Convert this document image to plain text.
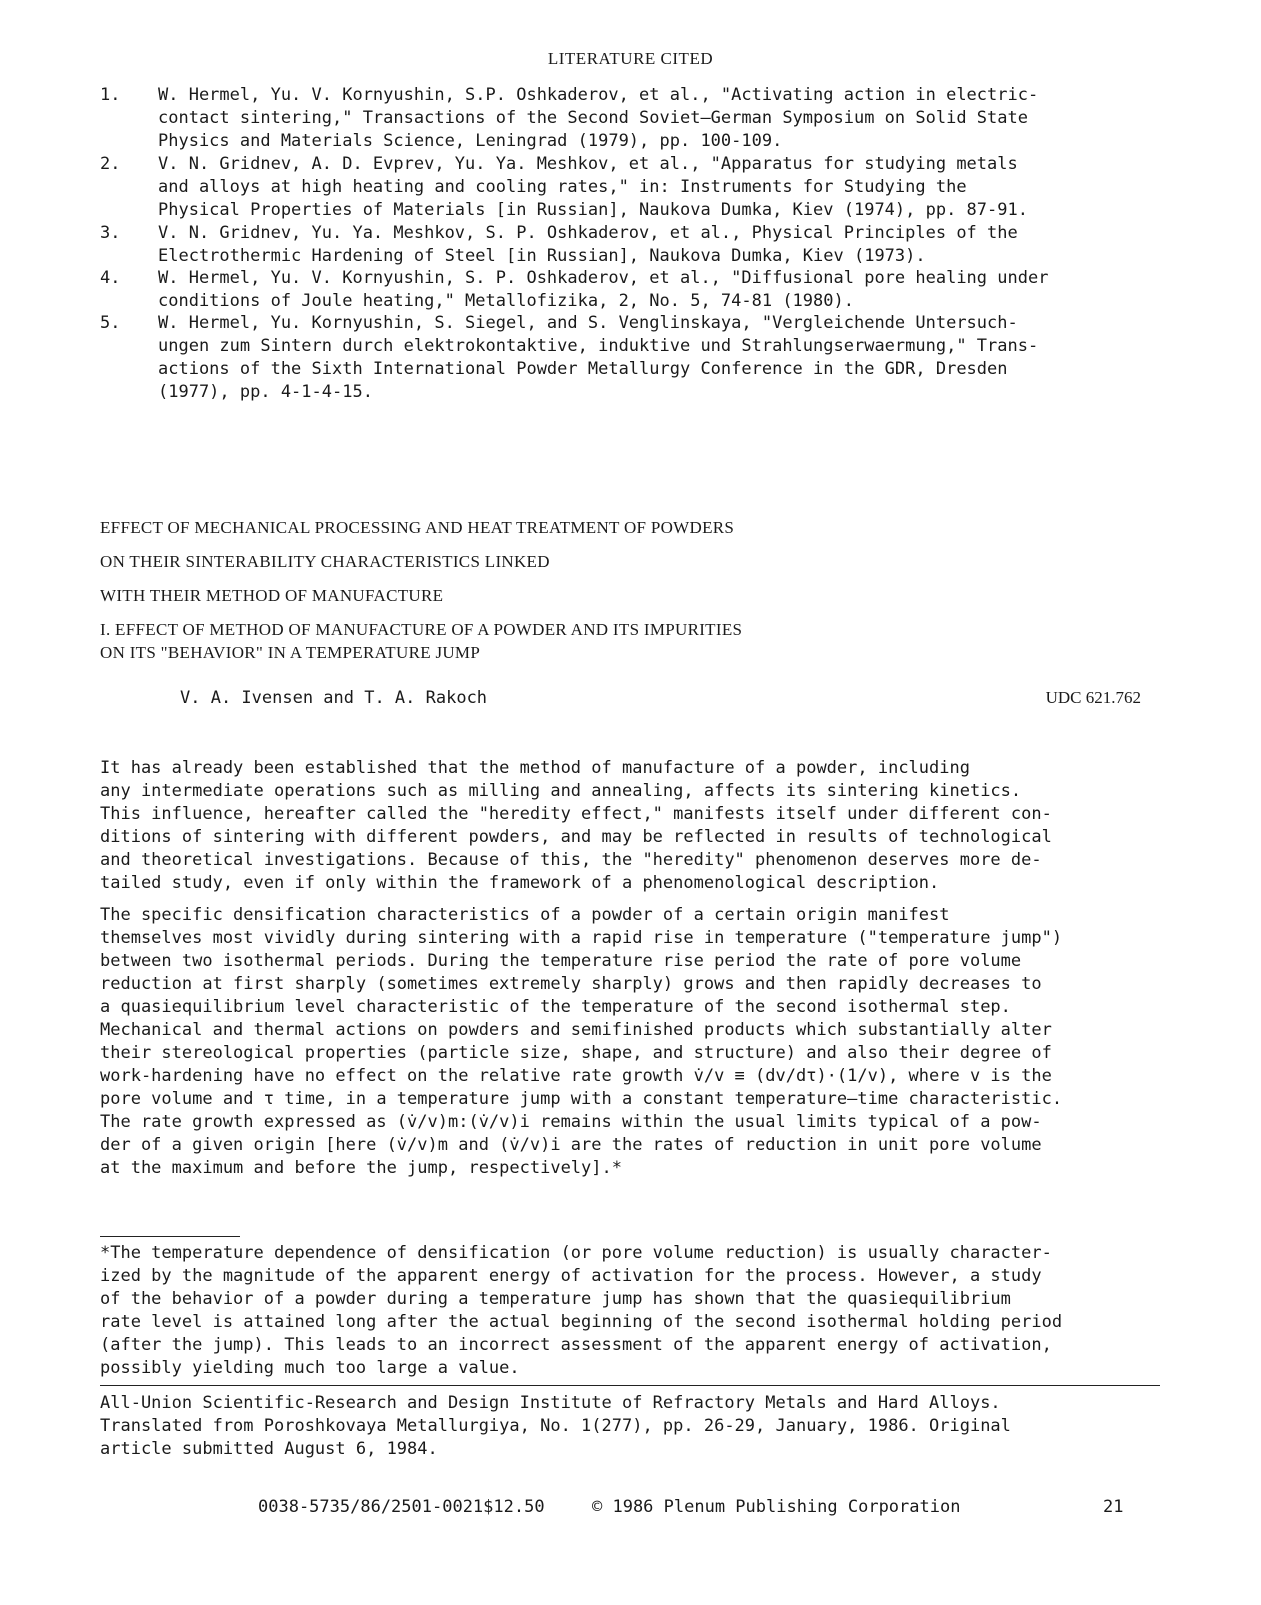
LITERATURE CITED
1.	W. Hermel, Yu. V. Kornyushin, S.P. Oshkaderov, et al., "Activating action in electric-
contact sintering," Transactions of the Second Soviet—German Symposium on Solid State
Physics and Materials Science, Leningrad (1979), pp. 100-109.
2.	V. N. Gridnev, A. D. Evprev, Yu. Ya. Meshkov, et al., "Apparatus for studying metals
and alloys at high heating and cooling rates," in: Instruments for Studying the
Physical Properties of Materials [in Russian], Naukova Dumka, Kiev (1974), pp. 87-91.
3.	V. N. Gridnev, Yu. Ya. Meshkov, S. P. Oshkaderov, et al., Physical Principles of the
Electrothermic Hardening of Steel [in Russian], Naukova Dumka, Kiev (1973).
4.	W. Hermel, Yu. V. Kornyushin, S. P. Oshkaderov, et al., "Diffusional pore healing under
conditions of Joule heating," Metallofizika, 2, No. 5, 74-81 (1980).
5.	W. Hermel, Yu. Kornyushin, S. Siegel, and S. Venglinskaya, "Vergleichende Untersuch-
ungen zum Sintern durch elektrokontaktive, induktive und Strahlungserwaermung," Trans-
actions of the Sixth International Powder Metallurgy Conference in the GDR, Dresden
(1977), pp. 4-1-4-15.
EFFECT OF MECHANICAL PROCESSING AND HEAT TREATMENT OF POWDERS
ON THEIR SINTERABILITY CHARACTERISTICS LINKED
WITH THEIR METHOD OF MANUFACTURE
I. EFFECT OF METHOD OF MANUFACTURE OF A POWDER AND ITS IMPURITIES
ON ITS "BEHAVIOR" IN A TEMPERATURE JUMP
V. A. Ivensen and T. A. Rakoch	UDC 621.762
It has already been established that the method of manufacture of a powder, including
any intermediate operations such as milling and annealing, affects its sintering kinetics.
This influence, hereafter called the "heredity effect," manifests itself under different con-
ditions of sintering with different powders, and may be reflected in results of technological
and theoretical investigations. Because of this, the "heredity" phenomenon deserves more de-
tailed study, even if only within the framework of a phenomenological description.
The specific densification characteristics of a powder of a certain origin manifest
themselves most vividly during sintering with a rapid rise in temperature ("temperature jump")
between two isothermal periods. During the temperature rise period the rate of pore volume
reduction at first sharply (sometimes extremely sharply) grows and then rapidly decreases to
a quasiequilibrium level characteristic of the temperature of the second isothermal step.
Mechanical and thermal actions on powders and semifinished products which substantially alter
their stereological properties (particle size, shape, and structure) and also their degree of
work-hardening have no effect on the relative rate growth v̇/v ≡ (dv/dτ)·(1/v), where v is the
pore volume and τ time, in a temperature jump with a constant temperature—time characteristic.
The rate growth expressed as (v̇/v)m:(v̇/v)i remains within the usual limits typical of a pow-
der of a given origin [here (v̇/v)m and (v̇/v)i are the rates of reduction in unit pore volume
at the maximum and before the jump, respectively].*
*The temperature dependence of densification (or pore volume reduction) is usually character-
ized by the magnitude of the apparent energy of activation for the process. However, a study
of the behavior of a powder during a temperature jump has shown that the quasiequilibrium
rate level is attained long after the actual beginning of the second isothermal holding period
(after the jump). This leads to an incorrect assessment of the apparent energy of activation,
possibly yielding much too large a value.
All-Union Scientific-Research and Design Institute of Refractory Metals and Hard Alloys.
Translated from Poroshkovaya Metallurgiya, No. 1(277), pp. 26-29, January, 1986. Original
article submitted August 6, 1984.
0038-5735/86/2501-0021$12.50	© 1986 Plenum Publishing Corporation	21
